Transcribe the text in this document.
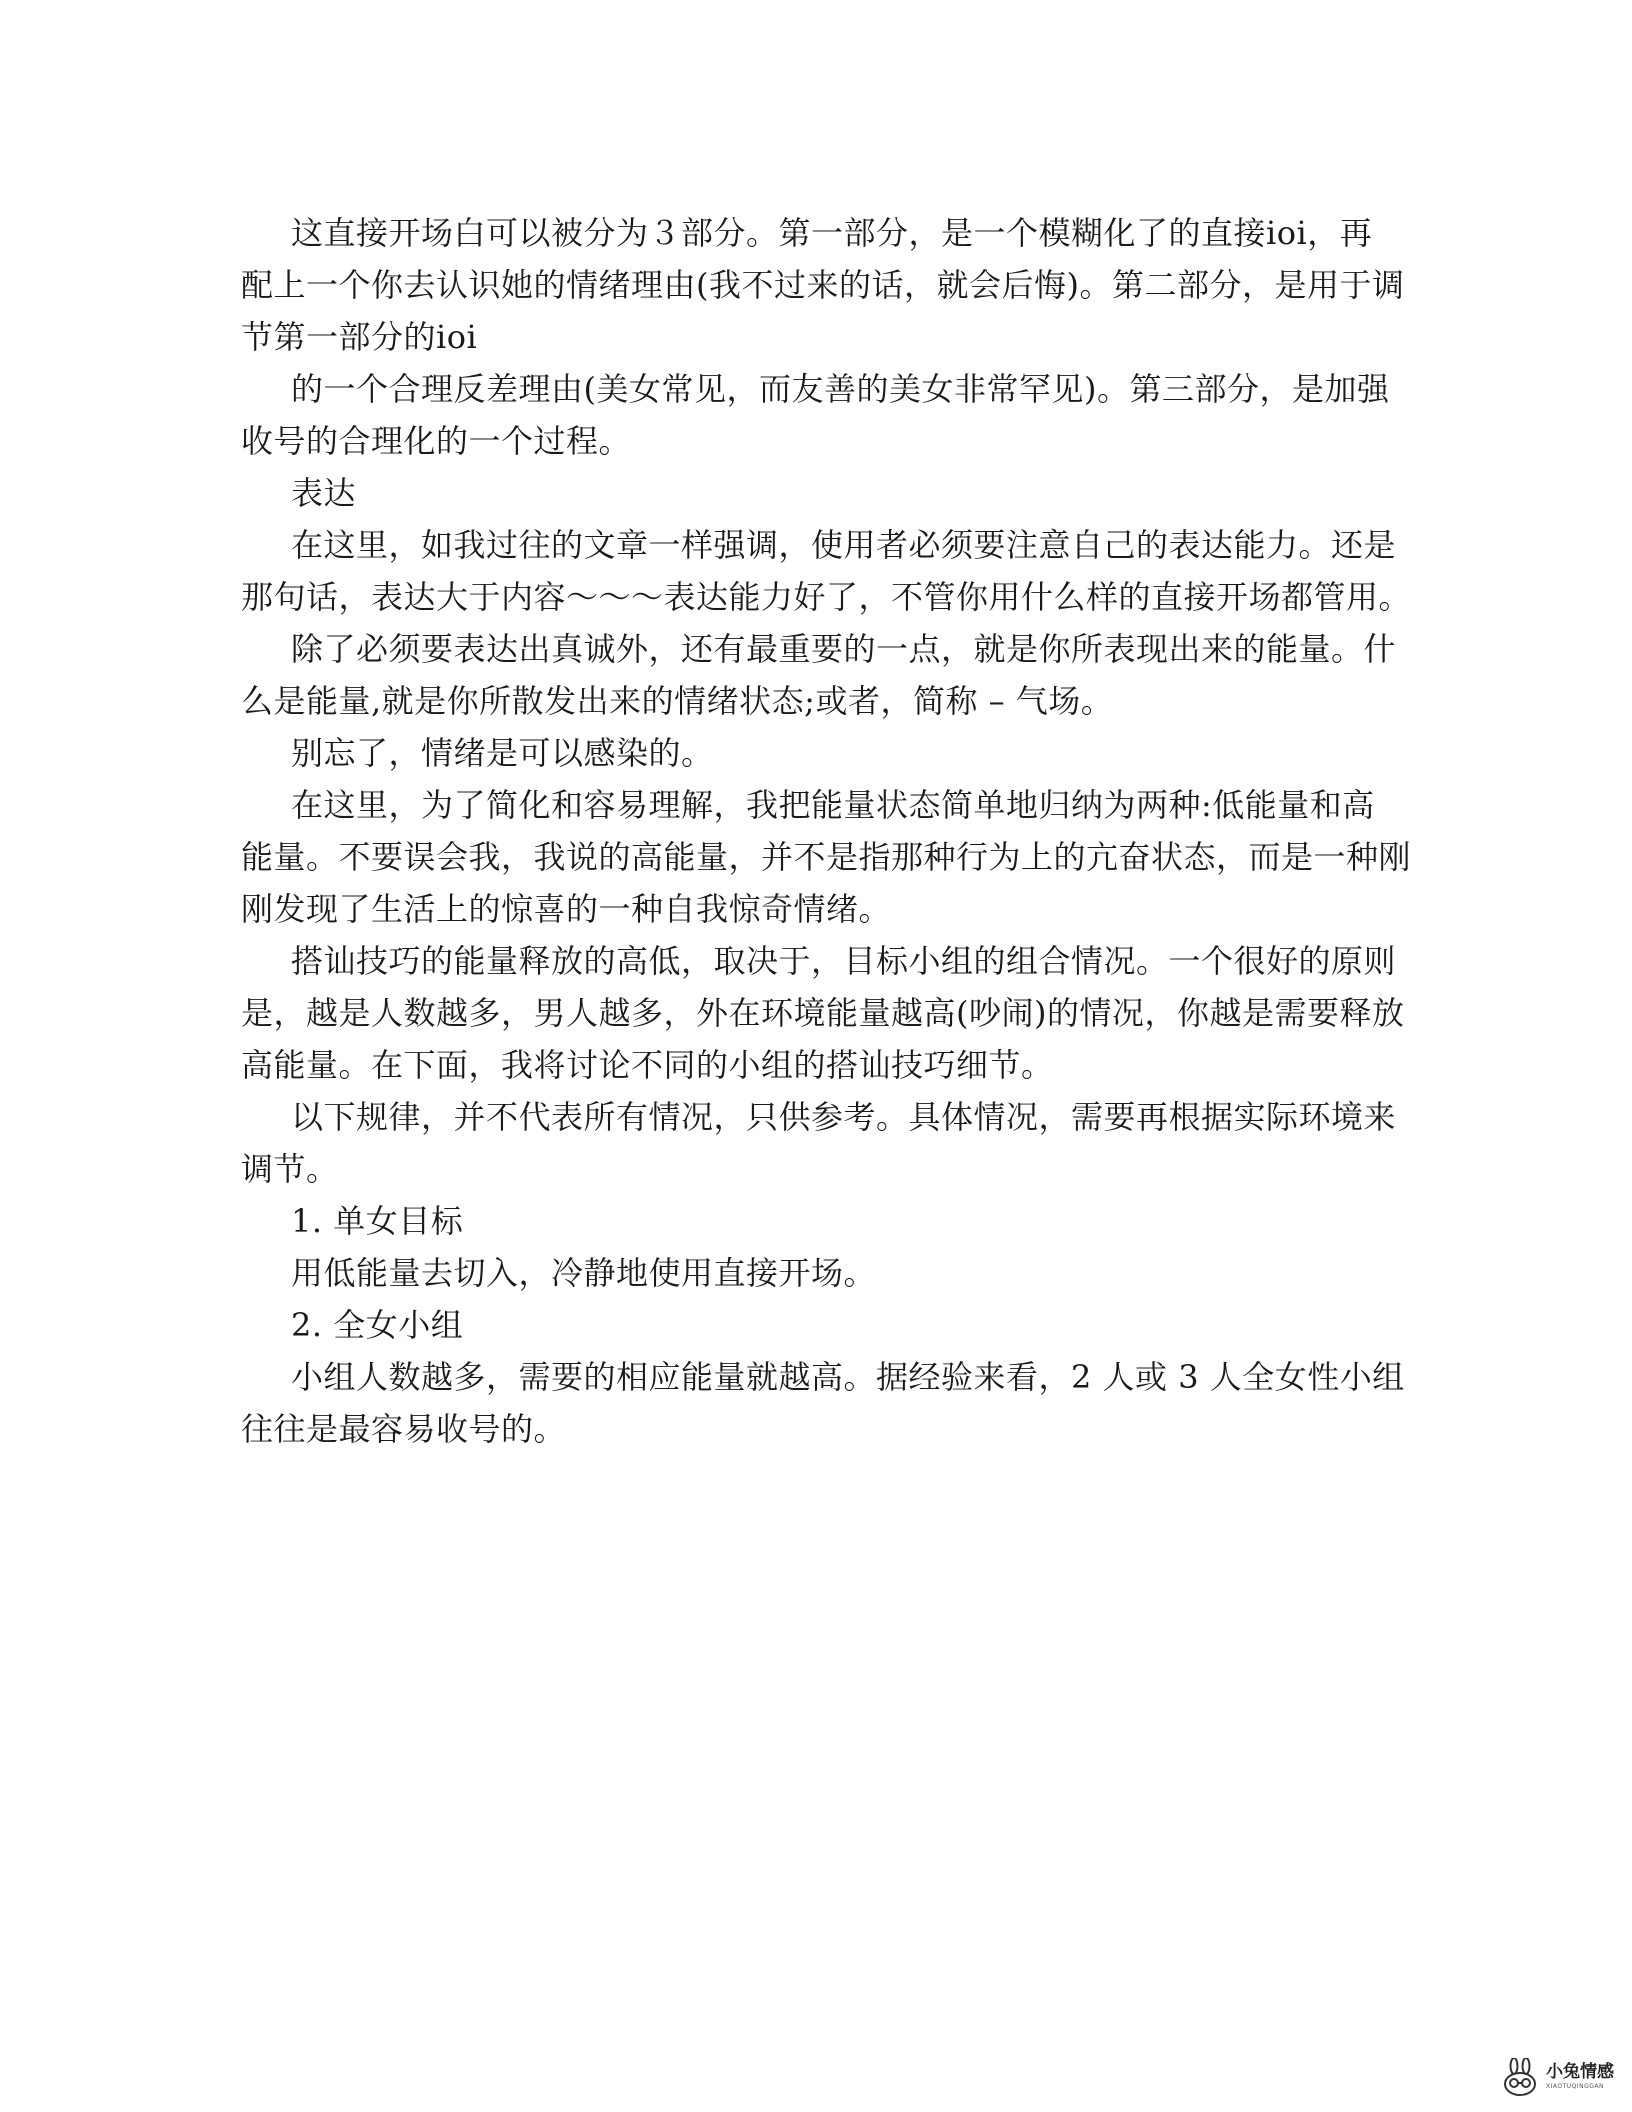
这直接开场白可以被分为３部分。第一部分，是一个模糊化了的直接ioi，再
配上一个你去认识她的情绪理由(我不过来的话，就会后悔)。第二部分，是用于调
节第一部分的ioi
的一个合理反差理由(美女常见，而友善的美女非常罕见)。第三部分，是加强
收号的合理化的一个过程。
表达
在这里，如我过往的文章一样强调，使用者必须要注意自己的表达能力。还是
那句话，表达大于内容～～～表达能力好了，不管你用什么样的直接开场都管用。
除了必须要表达出真诚外，还有最重要的一点，就是你所表现出来的能量。什
么是能量,就是你所散发出来的情绪状态;或者，简称 – 气场。
别忘了，情绪是可以感染的。
在这里，为了简化和容易理解，我把能量状态简单地归纳为两种:低能量和高
能量。不要误会我，我说的高能量，并不是指那种行为上的亢奋状态，而是一种刚
刚发现了生活上的惊喜的一种自我惊奇情绪。
搭讪技巧的能量释放的高低，取决于，目标小组的组合情况。一个很好的原则
是，越是人数越多，男人越多，外在环境能量越高(吵闹)的情况，你越是需要释放
高能量。在下面，我将讨论不同的小组的搭讪技巧细节。
以下规律，并不代表所有情况，只供参考。具体情况，需要再根据实际环境来
调节。
1. 单女目标
用低能量去切入，冷静地使用直接开场。
2. 全女小组
小组人数越多，需要的相应能量就越高。据经验来看，2 人或 3 人全女性小组
往往是最容易收号的。
小兔情感
XIAOTUQINGGAN
